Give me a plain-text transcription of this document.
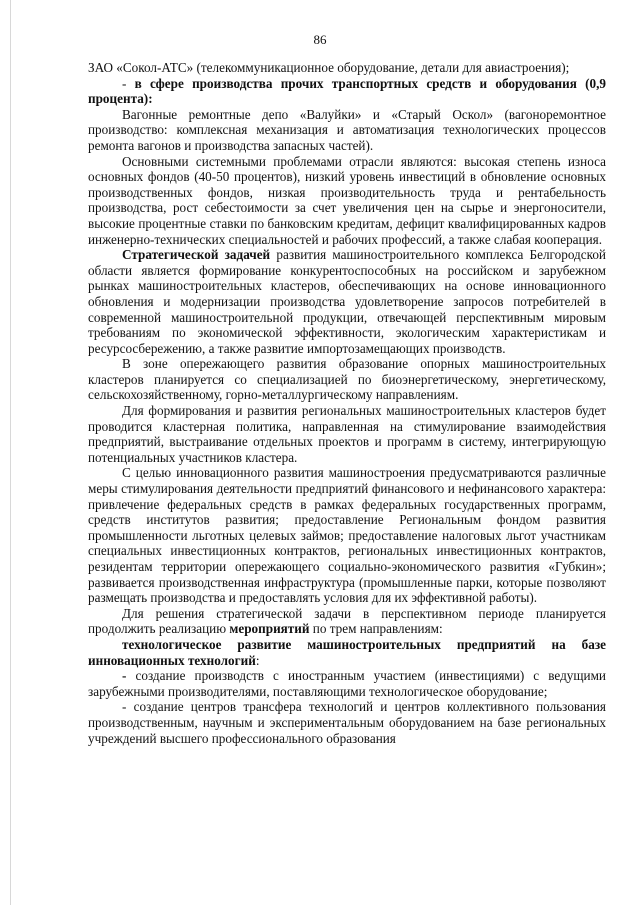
86

ЗАО «Сокол-АТС» (телекоммуникационное оборудование, детали для авиастроения);

- в сфере производства прочих транспортных средств и оборудования (0,9 процента):

Вагонные ремонтные депо «Валуйки» и «Старый Оскол» (вагоноремонтное производство: комплексная механизация и автоматизация технологических процессов ремонта вагонов и производства запасных частей).

Основными системными проблемами отрасли являются: высокая степень износа основных фондов (40-50 процентов), низкий уровень инвестиций в обновление основных производственных фондов, низкая производительность труда и рентабельность производства, рост себестоимости за счет увеличения цен на сырье и энергоносители, высокие процентные ставки по банковским кредитам, дефицит квалифицированных кадров инженерно-технических специальностей и рабочих профессий, а также слабая кооперация.

Стратегической задачей развития машиностроительного комплекса Белгородской области является формирование конкурентоспособных на российском и зарубежном рынках машиностроительных кластеров, обеспечивающих на основе инновационного обновления и модернизации производства удовлетворение запросов потребителей в современной машиностроительной продукции, отвечающей перспективным мировым требованиям по экономической эффективности, экологическим характеристикам и ресурсосбережению, а также развитие импортозамещающих производств.

В зоне опережающего развития образование опорных машиностроительных кластеров планируется со специализацией по биоэнергетическому, энергетическому, сельскохозяйственному, горно-металлургическому направлениям.

Для формирования и развития региональных машиностроительных кластеров будет проводится кластерная политика, направленная на стимулирование взаимодействия предприятий, выстраивание отдельных проектов и программ в систему, интегрирующую потенциальных участников кластера.

С целью инновационного развития машиностроения предусматриваются различные меры стимулирования деятельности предприятий финансового и нефинансового характера: привлечение федеральных средств в рамках федеральных государственных программ, средств институтов развития; предоставление Региональным фондом развития промышленности льготных целевых займов; предоставление налоговых льгот участникам специальных инвестиционных контрактов, региональных инвестиционных контрактов, резидентам территории опережающего социально-экономического развития «Губкин»; развивается производственная инфраструктура (промышленные парки, которые позволяют размещать производства и предоставлять условия для их эффективной работы).

Для решения стратегической задачи в перспективном периоде планируется продолжить реализацию мероприятий по трем направлениям:

технологическое развитие машиностроительных предприятий на базе инновационных технологий:

- создание производств с иностранным участием (инвестициями) с ведущими зарубежными производителями, поставляющими технологическое оборудование;

- создание центров трансфера технологий и центров коллективного пользования производственным, научным и экспериментальным оборудованием на базе региональных учреждений высшего профессионального образования
